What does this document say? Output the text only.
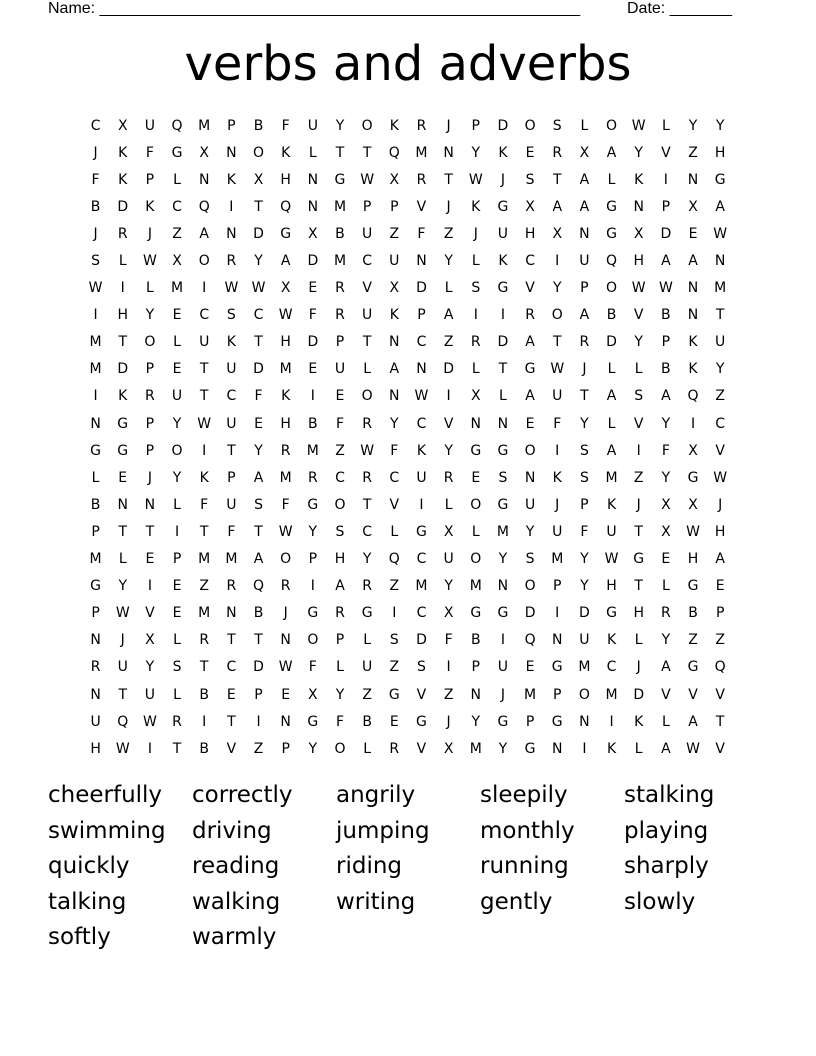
Name: ______________________________________________________	Date: _______
verbs and adverbs
C	X	U	Q	M	P	B	F	U	Y	O	K	R	J	P	D	O	S	L	O	W	L	Y	Y
J	K	F	G	X	N	O	K	L	T	T	Q	M	N	Y	K	E	R	X	A	Y	V	Z	H
F	K	P	L	N	K	X	H	N	G	W	X	R	T	W	J	S	T	A	L	K	I	N	G
B	D	K	C	Q	I	T	Q	N	M	P	P	V	J	K	G	X	A	A	G	N	P	X	A
J	R	J	Z	A	N	D	G	X	B	U	Z	F	Z	J	U	H	X	N	G	X	D	E	W
S	L	W	X	O	R	Y	A	D	M	C	U	N	Y	L	K	C	I	U	Q	H	A	A	N
W	I	L	M	I	W W	X	E	R	V	X	D	L	S	G	V	Y	P	O	W W	N	M
I	H	Y	E	C	S	C	W	F	R	U	K	P	A	I	I	R	O	A	B	V	B	N	T
M	T	O	L	U	K	T	H	D	P	T	N	C	Z	R	D	A	T	R	D	Y	P	K	U
M	D	P	E	T	U	D	M	E	U	L	A	N	D	L	T	G	W	J	L	L	B	K	Y
I	K	R	U	T	C	F	K	I	E	O	N	W	I	X	L	A	U	T	A	S	A	Q	Z
N	G	P	Y	W	U	E	H	B	F	R	Y	C	V	N	N	E	F	Y	L	V	Y	I	C
G	G	P	O	I	T	Y	R	M	Z	W	F	K	Y	G	G	O	I	S	A	I	F	X	V
L	E	J	Y	K	P	A	M	R	C	R	C	U	R	E	S	N	K	S	M	Z	Y	G	W
B	N	N	L	F	U	S	F	G	O	T	V	I	L	O	G	U	J	P	K	J	X	X	J
P	T	T	I	T	F	T	W	Y	S	C	L	G	X	L	M	Y	U	F	U	T	X	W	H
M	L	E	P	M	M	A	O	P	H	Y	Q	C	U	O	Y	S	M	Y	W	G	E	H	A
G	Y	I	E	Z	R	Q	R	I	A	R	Z	M	Y	M	N	O	P	Y	H	T	L	G	E
P	W	V	E	M	N	B	J	G	R	G	I	C	X	G	G	D	I	D	G	H	R	B	P
N	J	X	L	R	T	T	N	O	P	L	S	D	F	B	I	Q	N	U	K	L	Y	Z	Z
R	U	Y	S	T	C	D	W	F	L	U	Z	S	I	P	U	E	G	M	C	J	A	G	Q
N	T	U	L	B	E	P	E	X	Y	Z	G	V	Z	N	J	M	P	O	M	D	V	V	V
U	Q	W	R	I	T	I	N	G	F	B	E	G	J	Y	G	P	G	N	I	K	L	A	T
H	W	I	T	B	V	Z	P	Y	O	L	R	V	X	M	Y	G	N	I	K	L	A	W	V
cheerfully	correctly	angrily	sleepily	stalking
swimming	driving	jumping	monthly	playing
quickly	reading	riding	running	sharply
talking	walking	writing	gently	slowly
softly	warmly
